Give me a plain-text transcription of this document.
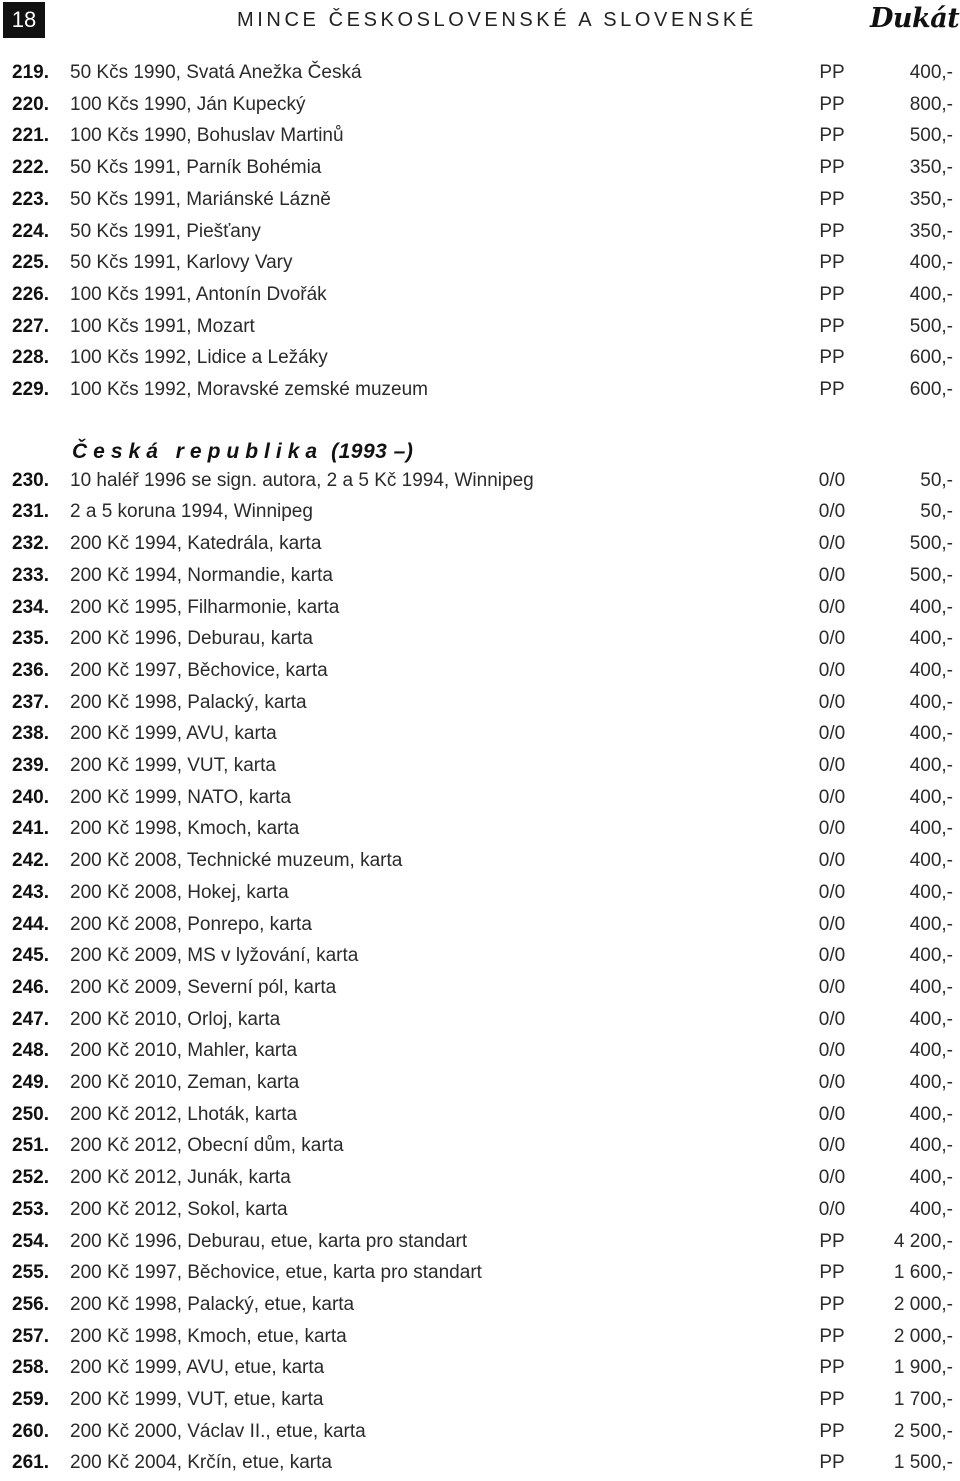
18	MINCE ČESKOSLOVENSKÉ A SLOVENSKÉ	Dukát
219. 50 Kčs 1990, Svatá Anežka Česká	PP	400,-
220. 100 Kčs 1990, Ján Kupecký	PP	800,-
221. 100 Kčs 1990, Bohuslav Martinů	PP	500,-
222. 50 Kčs 1991, Parník Bohémia	PP	350,-
223. 50 Kčs 1991, Mariánské Lázně	PP	350,-
224. 50 Kčs 1991, Piešťany	PP	350,-
225. 50 Kčs 1991, Karlovy Vary	PP	400,-
226. 100 Kčs 1991, Antonín Dvořák	PP	400,-
227. 100 Kčs 1991, Mozart	PP	500,-
228. 100 Kčs 1992, Lidice a Ležáky	PP	600,-
229. 100 Kčs 1992, Moravské zemské muzeum	PP	600,-
Česká republika (1993 –)
230. 10 haléř 1996 se sign. autora, 2 a 5 Kč 1994, Winnipeg	0/0	50,-
231. 2 a 5 koruna 1994, Winnipeg	0/0	50,-
232. 200 Kč 1994, Katedrála, karta	0/0	500,-
233. 200 Kč 1994, Normandie, karta	0/0	500,-
234. 200 Kč 1995, Filharmonie, karta	0/0	400,-
235. 200 Kč 1996, Deburau, karta	0/0	400,-
236. 200 Kč 1997, Běchovice, karta	0/0	400,-
237. 200 Kč 1998, Palacký, karta	0/0	400,-
238. 200 Kč 1999, AVU, karta	0/0	400,-
239. 200 Kč 1999, VUT, karta	0/0	400,-
240. 200 Kč 1999, NATO, karta	0/0	400,-
241. 200 Kč 1998, Kmoch, karta	0/0	400,-
242. 200 Kč 2008, Technické muzeum, karta	0/0	400,-
243. 200 Kč 2008, Hokej, karta	0/0	400,-
244. 200 Kč 2008, Ponrepo, karta	0/0	400,-
245. 200 Kč 2009, MS v lyžování, karta	0/0	400,-
246. 200 Kč 2009, Severní pól, karta	0/0	400,-
247. 200 Kč 2010, Orloj, karta	0/0	400,-
248. 200 Kč 2010, Mahler, karta	0/0	400,-
249. 200 Kč 2010, Zeman, karta	0/0	400,-
250. 200 Kč 2012, Lhoták, karta	0/0	400,-
251. 200 Kč 2012, Obecní dům, karta	0/0	400,-
252. 200 Kč 2012, Junák, karta	0/0	400,-
253. 200 Kč 2012, Sokol, karta	0/0	400,-
254. 200 Kč 1996, Deburau, etue, karta pro standart	PP	4 200,-
255. 200 Kč 1997, Běchovice, etue, karta pro standart	PP	1 600,-
256. 200 Kč 1998, Palacký, etue, karta	PP	2 000,-
257. 200 Kč 1998, Kmoch, etue, karta	PP	2 000,-
258. 200 Kč 1999, AVU, etue, karta	PP	1 900,-
259. 200 Kč 1999, VUT, etue, karta	PP	1 700,-
260. 200 Kč 2000, Václav II., etue, karta	PP	2 500,-
261. 200 Kč 2004, Krčín, etue, karta	PP	1 500,-
